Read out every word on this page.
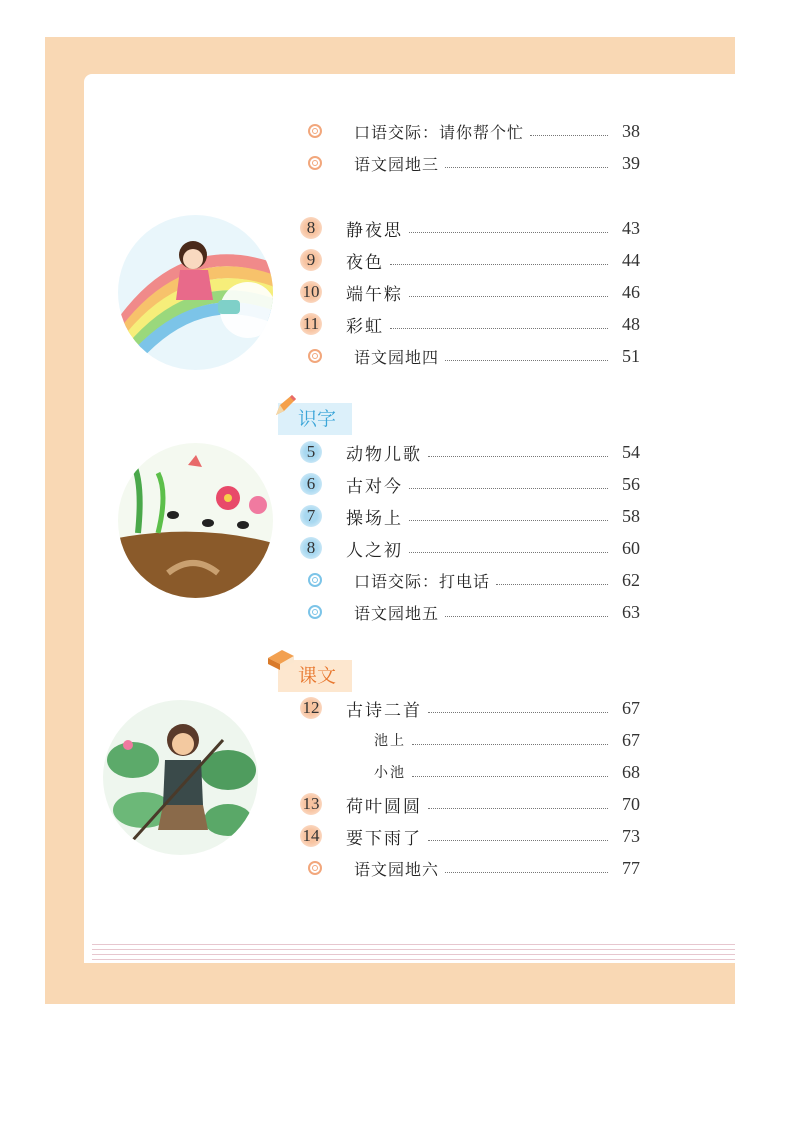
口语交际：请你帮个忙	38
语文园地三	39
8	静夜思	43
9	夜色	44
10 端午粽	46
11 彩虹	48
语文园地四	51
识字
5	动物儿歌	54
6	古对今	56
7	操场上	58
8	人之初	60
口语交际：打电话	62
语文园地五	63
课文
12 古诗二首	67
池上	67
小池	68
13 荷叶圆圆	70
14 要下雨了	73
语文园地六	77
